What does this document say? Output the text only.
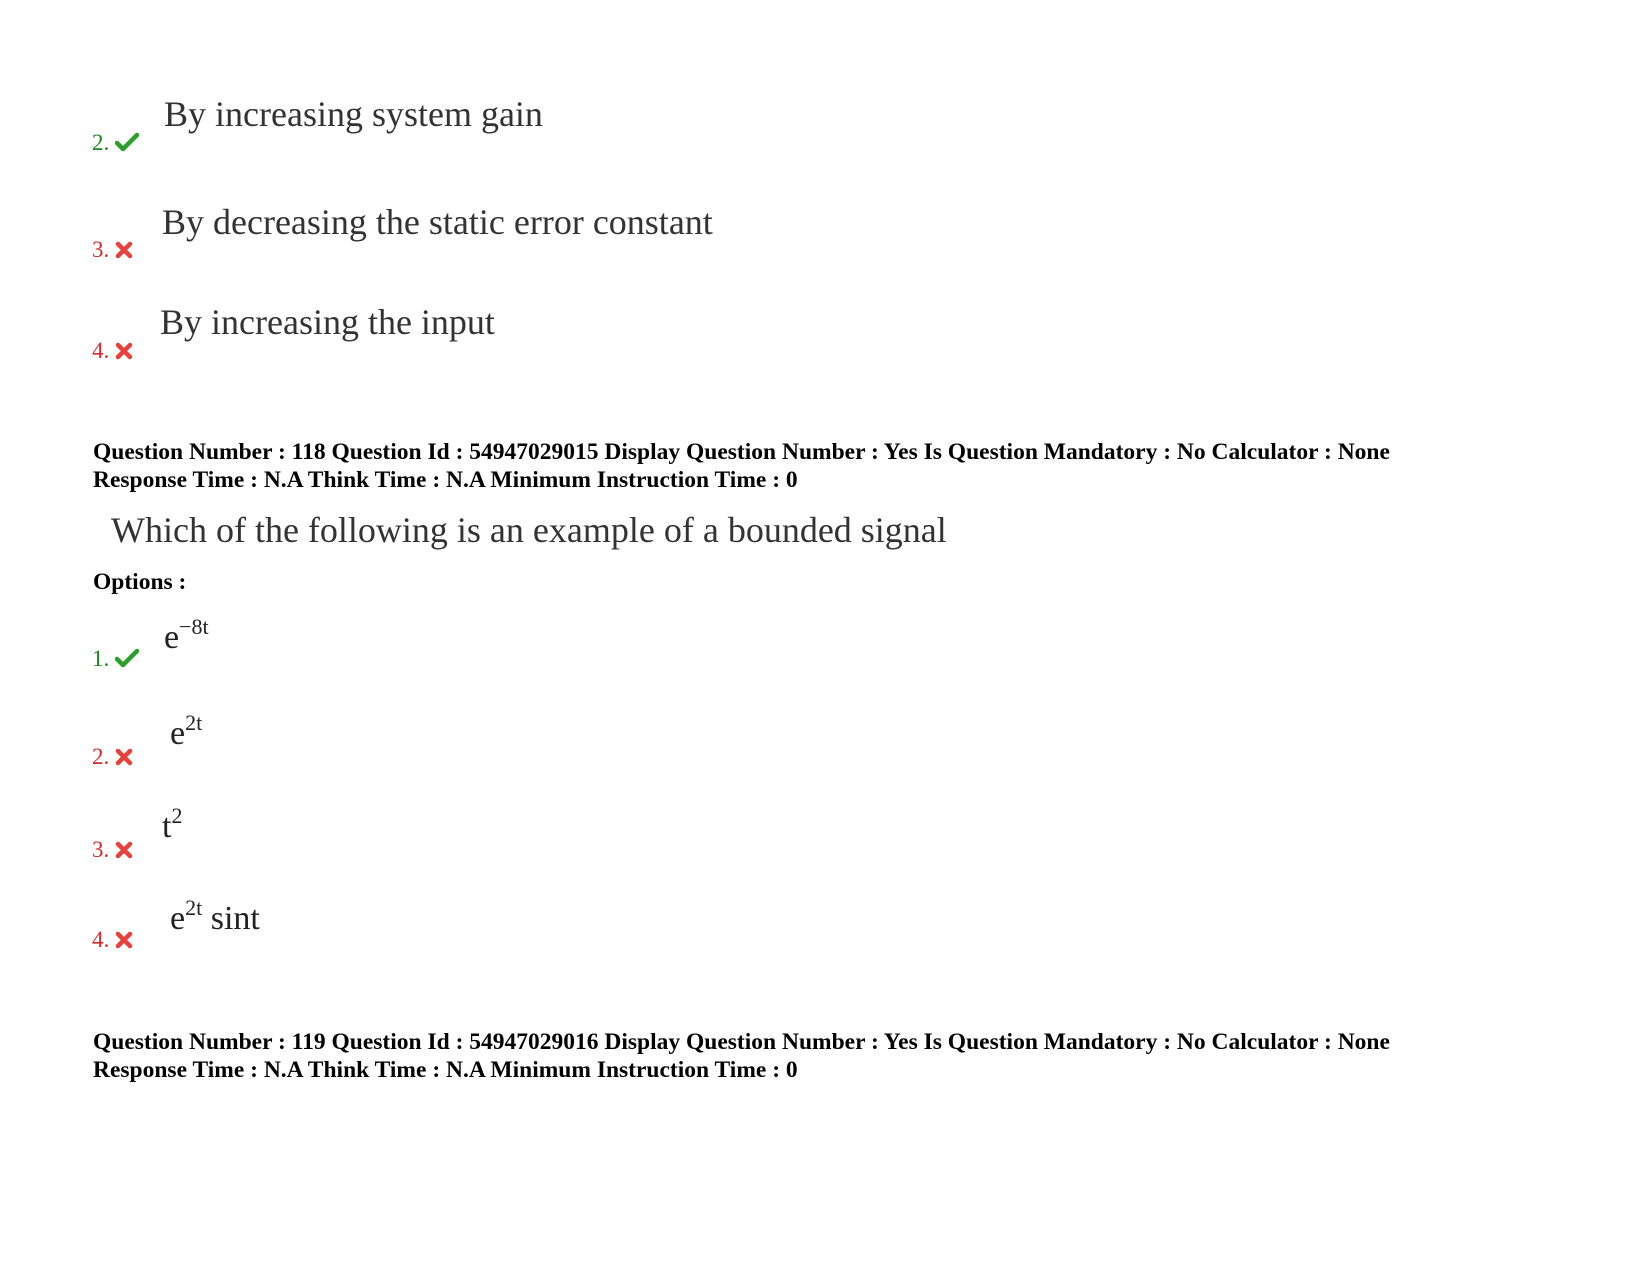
2.
By increasing system gain
3.
By decreasing the static error constant
4.
By increasing the input
Question Number : 118 Question Id : 54947029015 Display Question Number : Yes Is Question Mandatory : No Calculator : None
Response Time : N.A Think Time : N.A Minimum Instruction Time : 0
Which of the following is an example of a bounded signal
Options :
1.
$e^{-8t}$
2.
$e^{2t}$
3.
$t^2$
4.
$e^{2t}$ sint
Question Number : 119 Question Id : 54947029016 Display Question Number : Yes Is Question Mandatory : No Calculator : None
Response Time : N.A Think Time : N.A Minimum Instruction Time : 0
